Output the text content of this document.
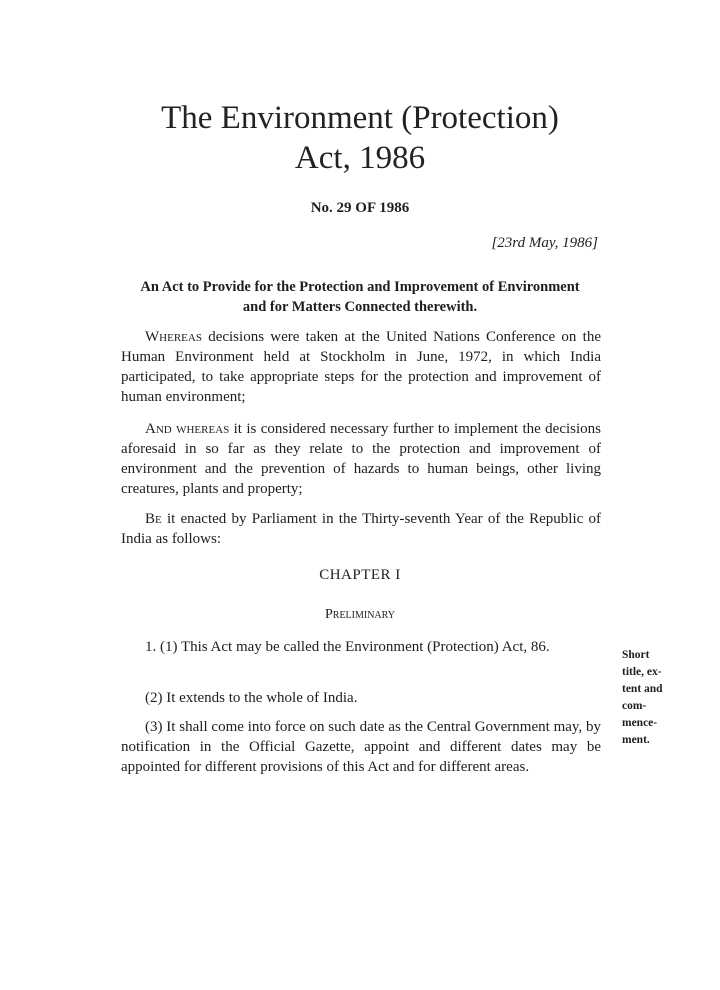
The Environment (Protection)
Act, 1986
No. 29 OF 1986
[23rd May, 1986]
An Act to Provide for the Protection and Improvement of Environment
and for Matters Connected therewith.
Whereas decisions were taken at the United Nations Conference on the Human Environment held at Stockholm in June, 1972, in which India participated, to take appropriate steps for the protection and improvement of human environment;
And whereas it is considered necessary further to implement the decisions aforesaid in so far as they relate to the protection and improvement of environment and the prevention of hazards to human beings, other living creatures, plants and property;
Be it enacted by Parliament in the Thirty-seventh Year of the Republic of India as follows:
CHAPTER I
Preliminary
1. (1) This Act may be called the Environment (Protection) Act, 86.
(2) It extends to the whole of India.
(3) It shall come into force on such date as the Central Government may, by notification in the Official Gazette, appoint and different dates may be appointed for different provisions of this Act and for different areas.
Short
title, ex-
tent and
com-
mence-
ment.
